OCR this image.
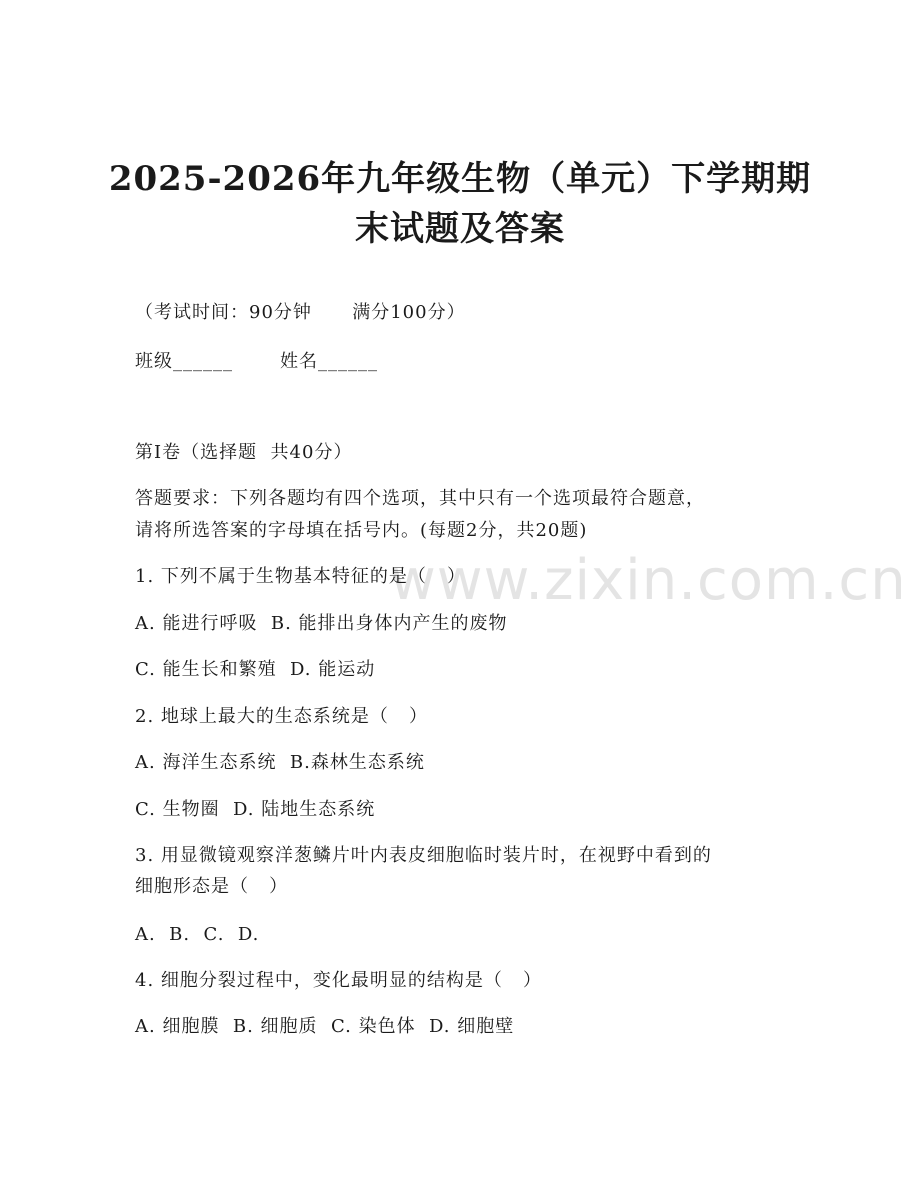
www.zixin.com.cn
2025-2026年九年级生物（单元）下学期期
末试题及答案
（考试时间：90分钟      满分100分）
班级______       姓名______
第Ⅰ卷（选择题  共40分）
答题要求：下列各题均有四个选项，其中只有一个选项最符合题意，
请将所选答案的字母填在括号内。(每题2分，共20题)
1. 下列不属于生物基本特征的是（   ）
A. 能进行呼吸  B. 能排出身体内产生的废物
C. 能生长和繁殖  D. 能运动
2. 地球上最大的生态系统是（   ）
A. 海洋生态系统  B.森林生态系统
C. 生物圈  D. 陆地生态系统
3. 用显微镜观察洋葱鳞片叶内表皮细胞临时装片时，在视野中看到的
细胞形态是（   ）
A.  B.  C.  D.
4. 细胞分裂过程中，变化最明显的结构是（   ）
A. 细胞膜  B. 细胞质  C. 染色体  D. 细胞壁
